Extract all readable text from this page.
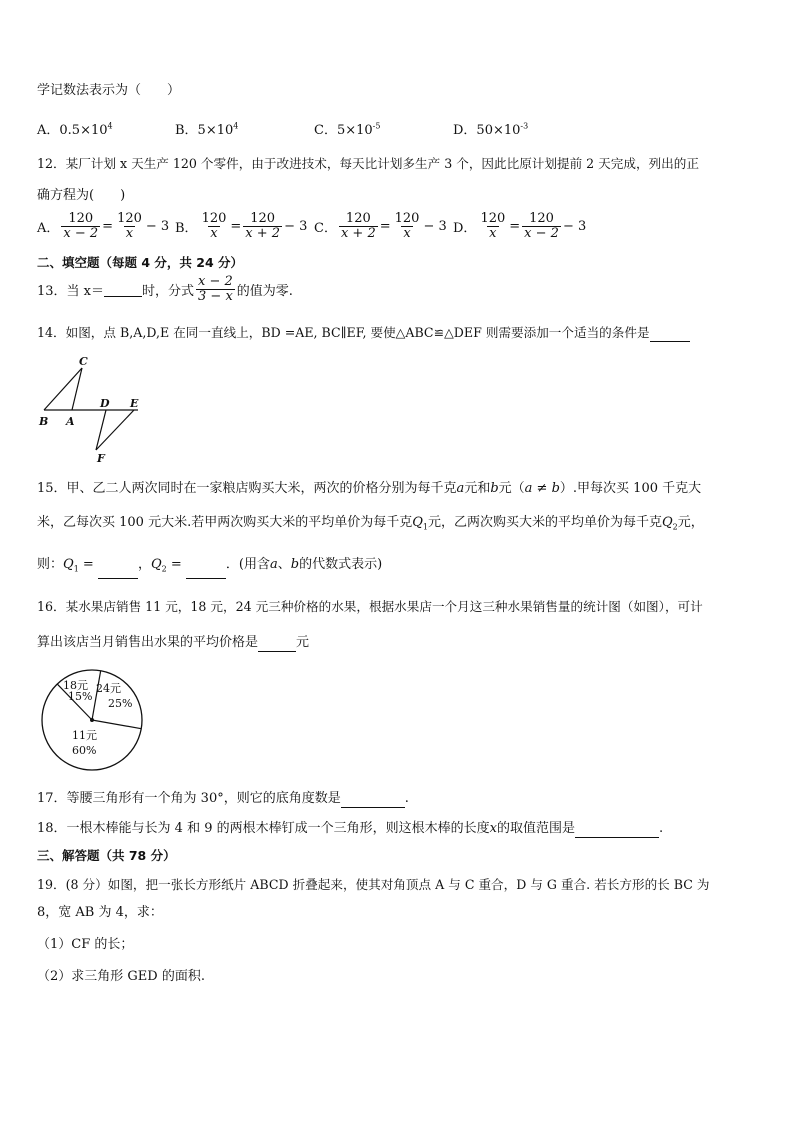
学记数法表示为（　　）
A．$0.5\times 10^4$	B．$5\times 10^4$	C．$5\times 10^{-5}$	D．$50\times 10^{-3}$
12．某厂计划 x 天生产 120 个零件，由于改进技术，每天比计划多生产 3 个，因此比原计划提前 2 天完成，列出的正
确方程为(　　)
A． $\frac{120}{x - 2} = \frac{120}{x} - 3$ B． $\frac{120}{x} = \frac{120}{x + 2} - 3$ C． $\frac{120}{x + 2} = \frac{120}{x} - 3$ D． $\frac{120}{x} = \frac{120}{x - 2} - 3$
二、填空题（每题 4 分，共 24 分）
13．当 x＝	时，分式 $\frac{x - 2}{3 - x}$ 的值为零.
14．如图，点 B,A,D,E 在同一直线上，BD =AE, BC∥EF, 要使△ABC≌△DEF 则需要添加一个适当的条件是
C
B A
D E
F
15．甲、乙二人两次同时在一家粮店购买大米，两次的价格分别为每千克a元和b元（a ≠ b）.甲每次买 100 千克大
米，乙每次买 100 元大米.若甲两次购买大米的平均单价为每千克$Q_1$元，乙两次购买大米的平均单价为每千克$Q_2$元，
则：$Q_1$ =	，$Q_2$ =	．(用含a、b的代数式表示)
16．某水果店销售 11 元，18 元，24 元三种价格的水果，根据水果店一个月这三种水果销售量的统计图（如图），可计
算出该店当月销售出水果的平均价格是	元
18元
15%
24元
25%
11元
60%
17．等腰三角形有一个角为 30°，则它的底角度数是	.
18．一根木棒能与长为 4 和 9 的两根木棒钉成一个三角形，则这根木棒的长度x的取值范围是	.
三、解答题（共 78 分）
19．(8 分）如图，把一张长方形纸片 ABCD 折叠起来，使其对角顶点 A 与 C 重合，D 与 G 重合. 若长方形的长 BC 为
8，宽 AB 为 4，求：
（1）CF 的长；
（2）求三角形 GED 的面积.
